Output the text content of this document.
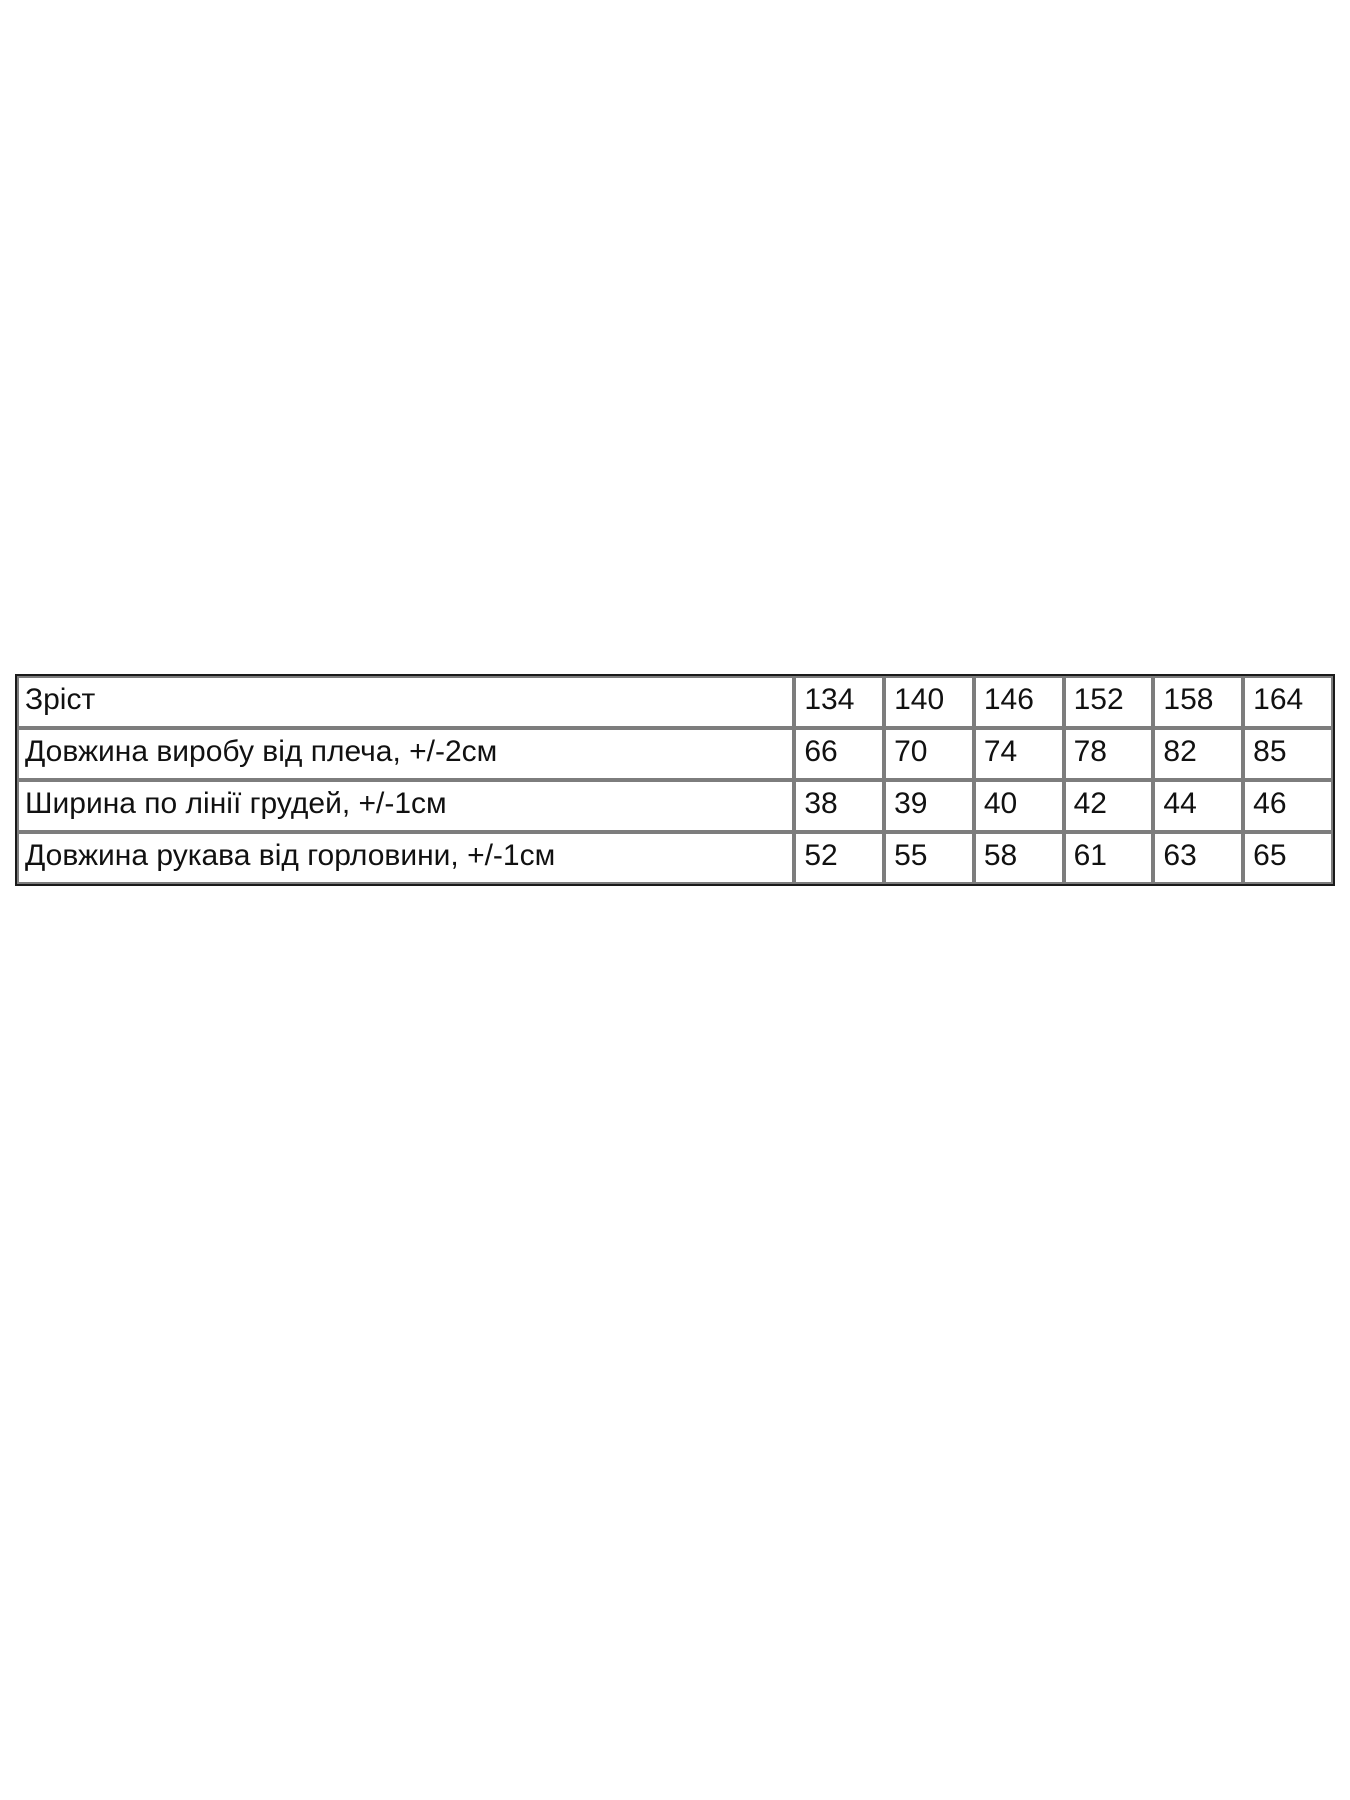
Зріст	134	140	146	152	158	164
Довжина виробу від плеча, +/-2см	66	70	74	78	82	85
Ширина по лінії грудей, +/-1см	38	39	40	42	44	46
Довжина рукава від горловини, +/-1см	52	55	58	61	63	65
